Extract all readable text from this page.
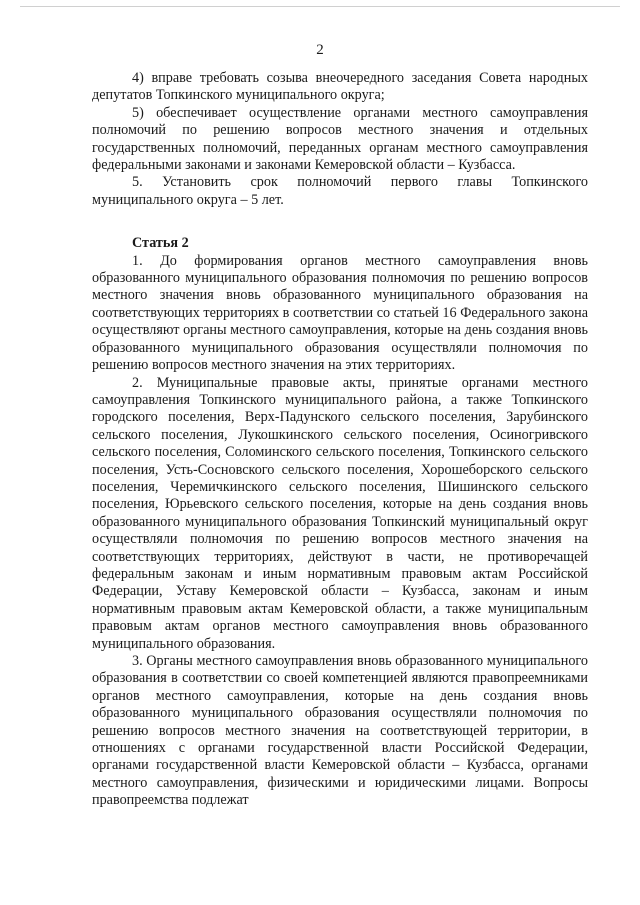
2

4) вправе требовать созыва внеочередного заседания Совета народных депутатов Топкинского муниципального округа;

5) обеспечивает осуществление органами местного самоуправления полномочий по решению вопросов местного значения и отдельных государственных полномочий, переданных органам местного самоуправления федеральными законами и законами Кемеровской области – Кузбасса.

5. Установить срок полномочий первого главы Топкинского муниципального округа – 5 лет.

Статья 2

1. До формирования органов местного самоуправления вновь образованного муниципального образования полномочия по решению вопросов местного значения вновь образованного муниципального образования на соответствующих территориях в соответствии со статьей 16 Федерального закона осуществляют органы местного самоуправления, которые на день создания вновь образованного муниципального образования осуществляли полномочия по решению вопросов местного значения на этих территориях.

2. Муниципальные правовые акты, принятые органами местного самоуправления Топкинского муниципального района, а также Топкинского городского поселения, Верх-Падунского сельского поселения, Зарубинского сельского поселения, Лукошкинского сельского поселения, Осиногривского сельского поселения, Соломинского сельского поселения, Топкинского сельского поселения, Усть-Сосновского сельского поселения, Хорошеборского сельского поселения, Черемичкинского сельского поселения, Шишинского сельского поселения, Юрьевского сельского поселения, которые на день создания вновь образованного муниципального образования Топкинский муниципальный округ осуществляли полномочия по решению вопросов местного значения на соответствующих территориях, действуют в части, не противоречащей федеральным законам и иным нормативным правовым актам Российской Федерации, Уставу Кемеровской области – Кузбасса, законам и иным нормативным правовым актам Кемеровской области, а также муниципальным правовым актам органов местного самоуправления вновь образованного муниципального образования.

3. Органы местного самоуправления вновь образованного муниципального образования в соответствии со своей компетенцией являются правопреемниками органов местного самоуправления, которые на день создания вновь образованного муниципального образования осуществляли полномочия по решению вопросов местного значения на соответствующей территории, в отношениях с органами государственной власти Российской Федерации, органами государственной власти Кемеровской области – Кузбасса, органами местного самоуправления, физическими и юридическими лицами. Вопросы правопреемства подлежат
